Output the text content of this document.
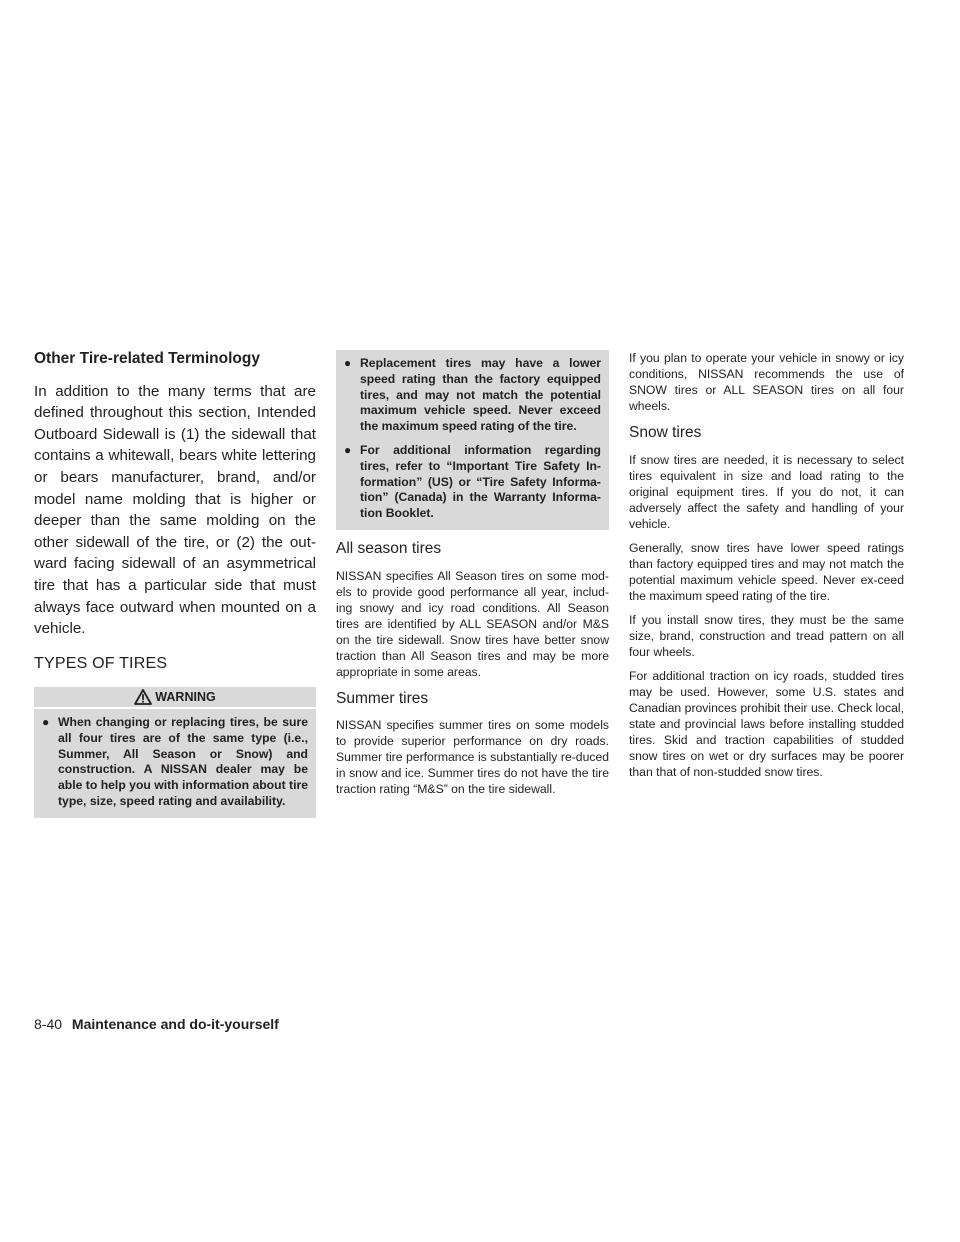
Other Tire-related Terminology

In addition to the many terms that are defined throughout this section, Intended Outboard Sidewall is (1) the sidewall that contains a whitewall, bears white lettering or bears manufacturer, brand, and/or model name molding that is higher or deeper than the same molding on the other sidewall of the tire, or (2) the out-ward facing sidewall of an asymmetrical tire that has a particular side that must always face outward when mounted on a vehicle.

TYPES OF TIRES
WARNING
● When changing or replacing tires, be sure all four tires are of the same type (i.e., Summer, All Season or Snow) and construction. A NISSAN dealer may be able to help you with information about tire type, size, speed rating and availability.
● Replacement tires may have a lower speed rating than the factory equipped tires, and may not match the potential maximum vehicle speed. Never exceed the maximum speed rating of the tire.
● For additional information regarding tires, refer to “Important Tire Safety In-formation” (US) or “Tire Safety Informa-tion” (Canada) in the Warranty Informa-tion Booklet.
All season tires

NISSAN specifies All Season tires on some mod-els to provide good performance all year, includ-ing snowy and icy road conditions. All Season tires are identified by ALL SEASON and/or M&S on the tire sidewall. Snow tires have better snow traction than All Season tires and may be more appropriate in some areas.

Summer tires

NISSAN specifies summer tires on some models to provide superior performance on dry roads. Summer tire performance is substantially re-duced in snow and ice. Summer tires do not have the tire traction rating “M&S” on the tire sidewall.

If you plan to operate your vehicle in snowy or icy conditions, NISSAN recommends the use of SNOW tires or ALL SEASON tires on all four wheels.

Snow tires

If snow tires are needed, it is necessary to select tires equivalent in size and load rating to the original equipment tires. If you do not, it can adversely affect the safety and handling of your vehicle.

Generally, snow tires have lower speed ratings than factory equipped tires and may not match the potential maximum vehicle speed. Never ex-ceed the maximum speed rating of the tire.

If you install snow tires, they must be the same size, brand, construction and tread pattern on all four wheels.

For additional traction on icy roads, studded tires may be used. However, some U.S. states and Canadian provinces prohibit their use. Check local, state and provincial laws before installing studded tires. Skid and traction capabilities of studded snow tires on wet or dry surfaces may be poorer than that of non-studded snow tires.

8-40 Maintenance and do-it-yourself
